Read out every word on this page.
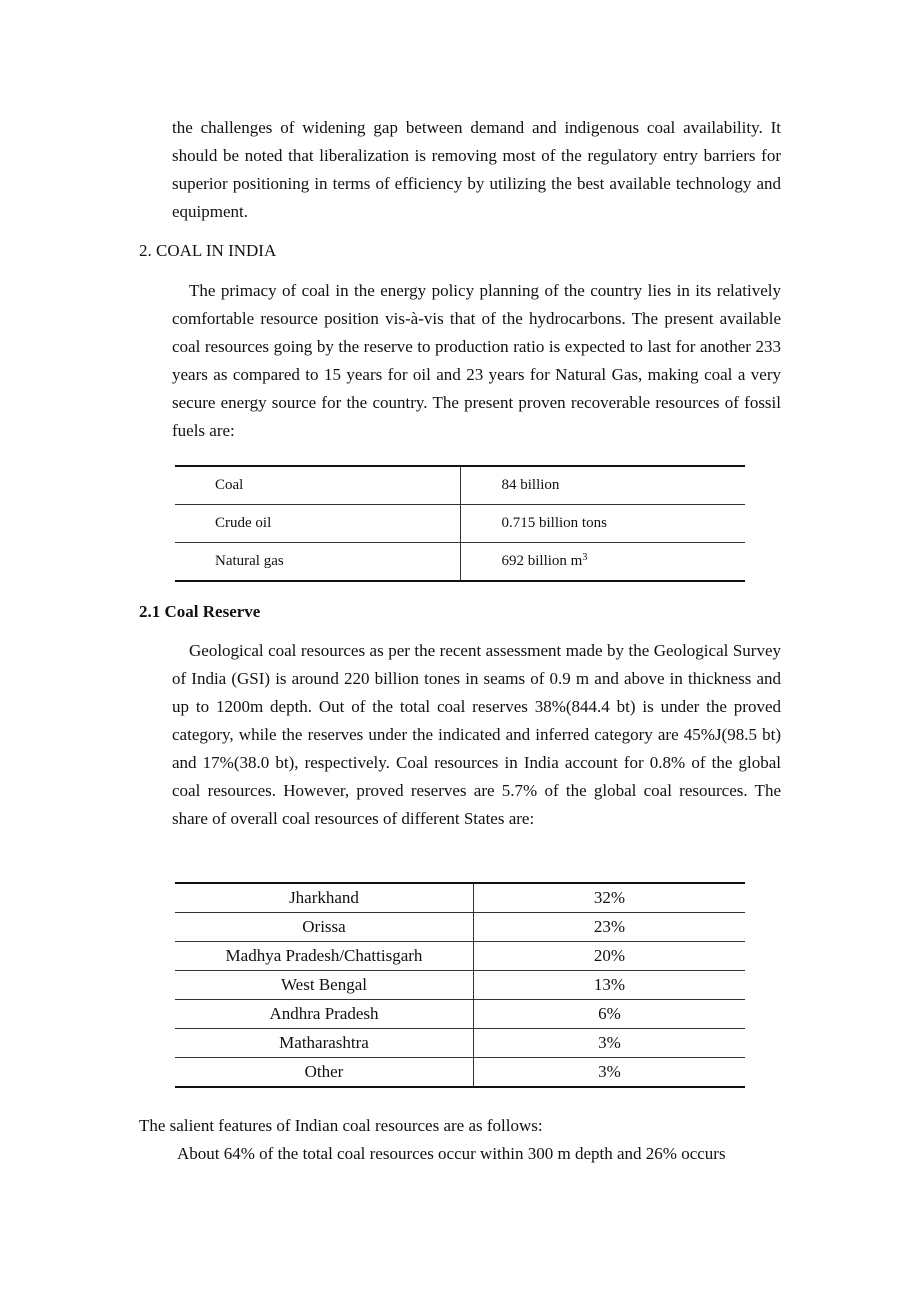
the challenges of widening gap between demand and indigenous coal availability. It should be noted that liberalization is removing most of the regulatory entry barriers for superior positioning in terms of efficiency by utilizing the best available technology and equipment.

2. COAL IN INDIA

The primacy of coal in the energy policy planning of the country lies in its relatively comfortable resource position vis-à-vis that of the hydrocarbons. The present available coal resources going by the reserve to production ratio is expected to last for another 233 years as compared to 15 years for oil and 23 years for Natural Gas, making coal a very secure energy source for the country. The present proven recoverable resources of fossil fuels are:

Coal	84 billion
Crude oil	0.715 billion tons
Natural gas	692 billion $m^3$

2.1 Coal Reserve

Geological coal resources as per the recent assessment made by the Geological Survey of India (GSI) is around 220 billion tones in seams of 0.9 m and above in thickness and up to 1200m depth. Out of the total coal reserves 38%(844.4 bt) is under the proved category, while the reserves under the indicated and inferred category are 45%J(98.5 bt) and 17%(38.0 bt), respectively. Coal resources in India account for 0.8% of the global coal resources. However, proved reserves are 5.7% of the global coal resources. The share of overall coal resources of different States are:

Jharkhand	32%
Orissa	23%
Madhya Pradesh/Chattisgarh	20%
West Bengal	13%
Andhra Pradesh	6%
Matharashtra	3%
Other	3%

The salient features of Indian coal resources are as follows:

About 64% of the total coal resources occur within 300 m depth and 26% occurs
